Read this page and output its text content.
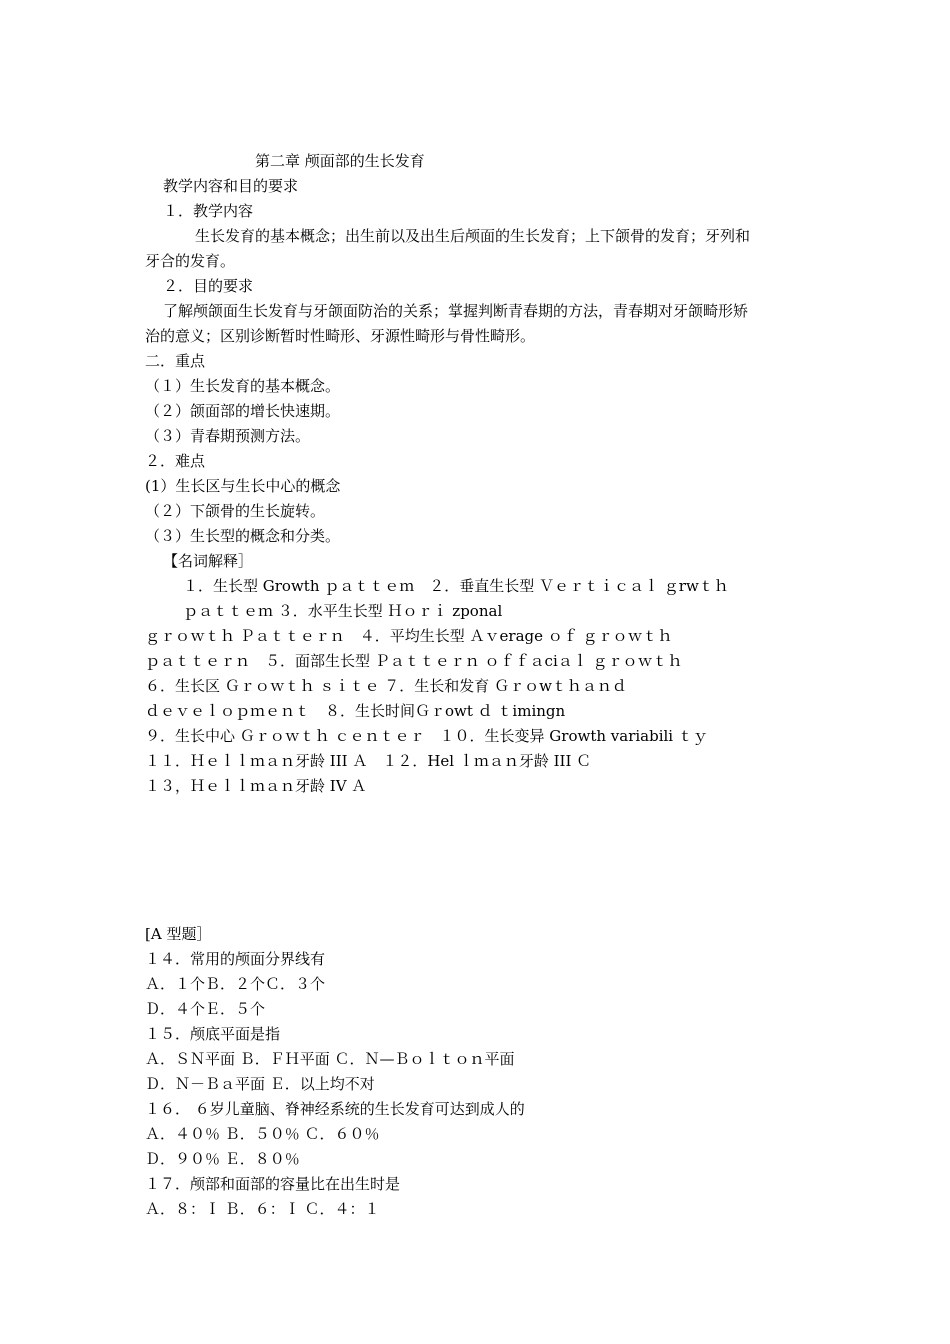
第二章 颅面部的生长发育
教学内容和目的要求
１．教学内容
生长发育的基本概念；出生前以及出生后颅面的生长发育；上下颌骨的发育；牙列和
牙合的发育。
２．目的要求
了解颅颌面生长发育与牙颌面防治的关系；掌握判断青春期的方法，青春期对牙颌畸形矫
治的意义；区别诊断暂时性畸形、牙源性畸形与骨性畸形。
二．重点
（１）生长发育的基本概念。
（２）颌面部的增长快速期。
（３）青春期预测方法。
２．难点
(1）生长区与生长中心的概念
（２）下颌骨的生长旋转。
（３）生长型的概念和分类。
【名词解释］
１．生长型 Growth ｐａｔｔｅｍ　２．垂直生长型 Ｖｅｒｔｉｃａｌ ｇrwｔｈ
ｐａｔｔｅｍ ３．水平生长型 Ｈｏｒｉ zponal
ｇｒｏｗｔｈ Ｐａｔｔｅｒｎ　４．平均生长型 Ａｖerage ｏｆ ｇｒｏｗｔｈ
ｐａｔｔｅｒｎ　５．面部生长型 Ｐａｔｔｅｒｎ ｏｆｆａciａｌ ｇｒｏｗｔｈ
６．生长区 Ｇｒｏｗｔｈ ｓｉｔｅ ７．生长和发育 Ｇｒｏwｔｈａｎｄ
ｄｅｖｅｌｏｐｍｅｎｔ　８．生长时间Ｇｒowt ｄ ｔimingn
９．生长中心 Ｇｒｏｗｔｈ ｃｅｎｔｅｒ　１０．生长变异 Growth variabili ｔｙ
１１．Ｈｅｌｌｍａｎ牙龄 III Ａ　１２．Hel ｌｍａｎ牙龄 III Ｃ
１３，Ｈｅｌｌｍａｎ牙龄 IV Ａ
[A 型题］
１４．常用的颅面分界线有
Ａ．１个Ｂ．２个Ｃ．３个
Ｄ．４个Ｅ．５个
１５．颅底平面是指
Ａ．ＳＮ平面 Ｂ．ＦＨ平面 Ｃ．Ｎ—Ｂｏｌｔｏｎ平面
Ｄ．Ｎ－Ｂａ平面 Ｅ．以上均不对
１６． ６岁儿童脑、脊神经系统的生长发育可达到成人的
Ａ．４０％ Ｂ．５０％ Ｃ．６０％
Ｄ．９０％ Ｅ．８０％
１７．颅部和面部的容量比在出生时是
Ａ．８：Ｉ Ｂ．６：Ｉ Ｃ．４：１
